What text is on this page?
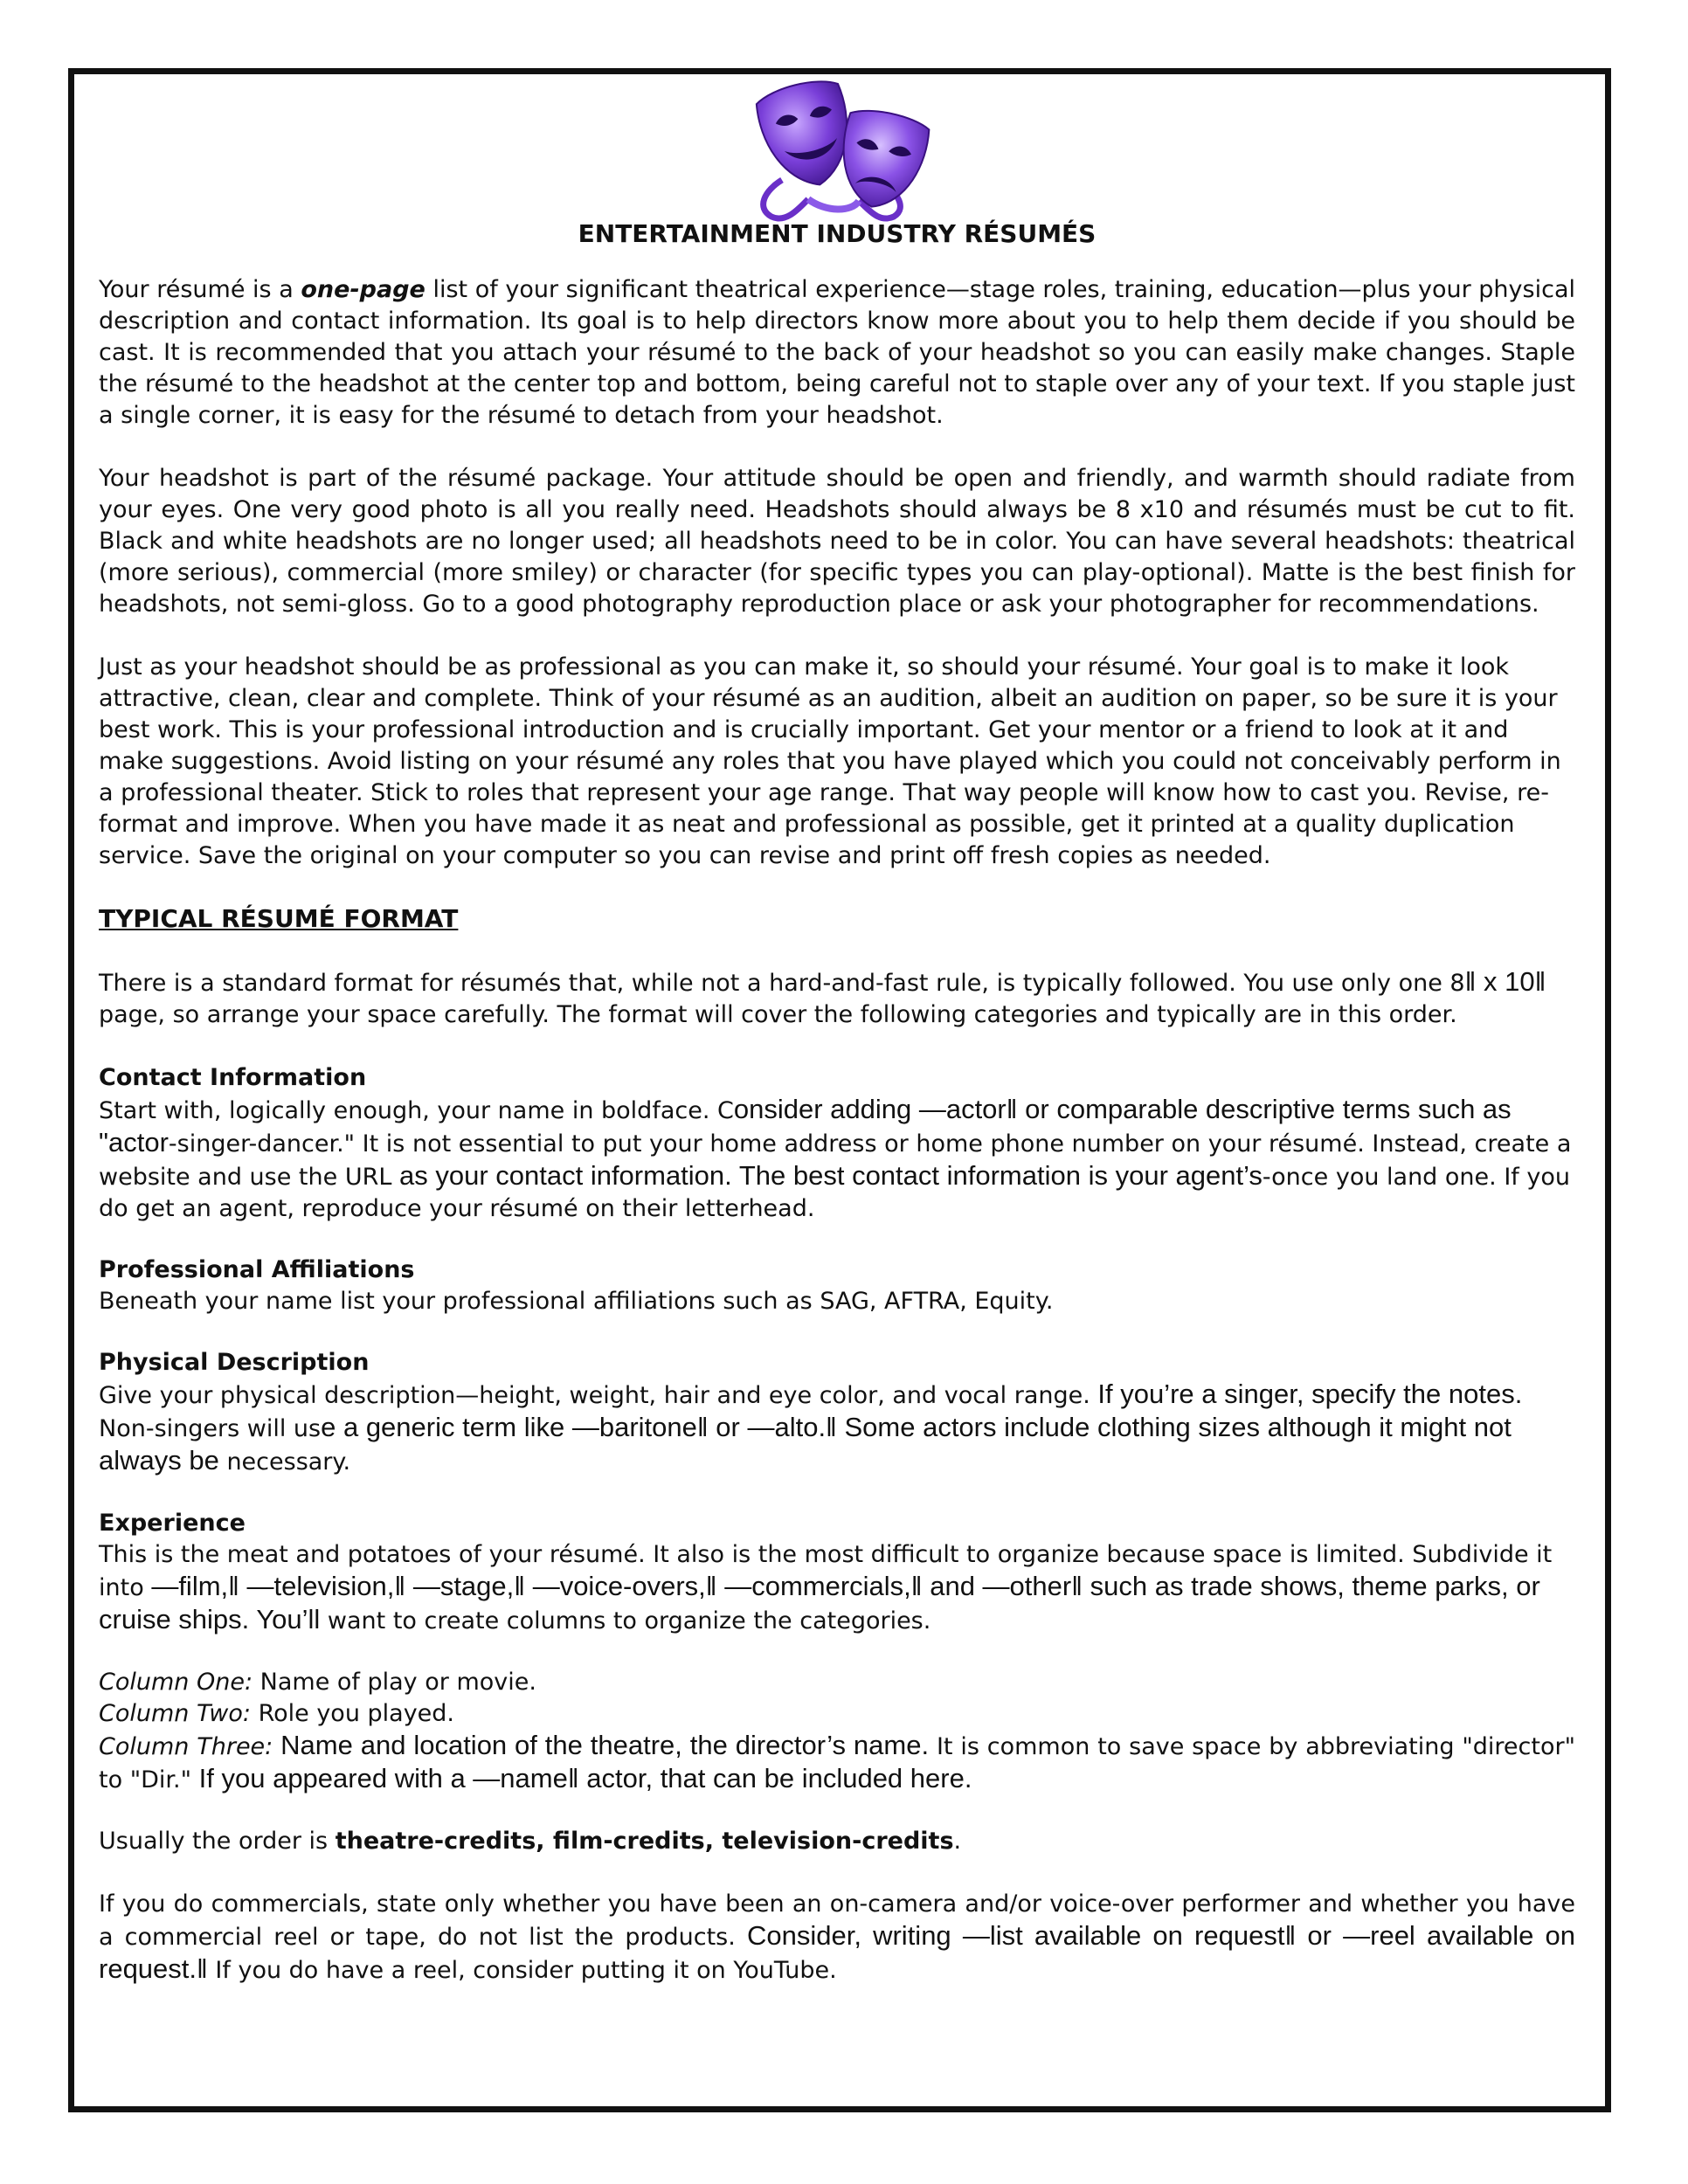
ENTERTAINMENT INDUSTRY RÉSUMÉS

Your résumé is a one-page list of your significant theatrical experience—stage roles, training, education—plus your physical description and contact information. Its goal is to help directors know more about you to help them decide if you should be cast. It is recommended that you attach your résumé to the back of your headshot so you can easily make changes. Staple the résumé to the headshot at the center top and bottom, being careful not to staple over any of your text. If you staple just a single corner, it is easy for the résumé to detach from your headshot.

Your headshot is part of the résumé package. Your attitude should be open and friendly, and warmth should radiate from your eyes. One very good photo is all you really need. Headshots should always be 8 x10 and résumés must be cut to fit. Black and white headshots are no longer used; all headshots need to be in color. You can have several headshots: theatrical (more serious), commercial (more smiley) or character (for specific types you can play-optional). Matte is the best finish for headshots, not semi-gloss. Go to a good photography reproduction place or ask your photographer for recommendations.

Just as your headshot should be as professional as you can make it, so should your résumé. Your goal is to make it look attractive, clean, clear and complete. Think of your résumé as an audition, albeit an audition on paper, so be sure it is your best work. This is your professional introduction and is crucially important. Get your mentor or a friend to look at it and make suggestions. Avoid listing on your résumé any roles that you have played which you could not conceivably perform in a professional theater. Stick to roles that represent your age range. That way people will know how to cast you. Revise, re-format and improve. When you have made it as neat and professional as possible, get it printed at a quality duplication service. Save the original on your computer so you can revise and print off fresh copies as needed.

TYPICAL RÉSUMÉ FORMAT

There is a standard format for résumés that, while not a hard-and-fast rule, is typically followed. You use only one 8‖ x 10‖ page, so arrange your space carefully. The format will cover the following categories and typically are in this order.

Contact Information
Start with, logically enough, your name in boldface. Consider adding ―actor‖ or comparable descriptive terms such as "actor-singer-dancer." It is not essential to put your home address or home phone number on your résumé. Instead, create a website and use the URL as your contact information. The best contact information is your agent’s-once you land one. If you do get an agent, reproduce your résumé on their letterhead.
Professional Affiliations
Beneath your name list your professional affiliations such as SAG, AFTRA, Equity.
Physical Description
Give your physical description—height, weight, hair and eye color, and vocal range. If you’re a singer, specify the notes. Non-singers will use a generic term like ―baritone‖ or ―alto.‖ Some actors include clothing sizes although it might not always be necessary.
Experience
This is the meat and potatoes of your résumé. It also is the most difficult to organize because space is limited. Subdivide it into ―film,‖ ―television,‖ ―stage,‖ ―voice-overs,‖ ―commercials,‖ and ―other‖ such as trade shows, theme parks, or cruise ships. You’ll want to create columns to organize the categories.
Column One: Name of play or movie.
Column Two: Role you played.
Column Three: Name and location of the theatre, the director’s name. It is common to save space by abbreviating "director" to "Dir." If you appeared with a ―name‖ actor, that can be included here.

Usually the order is theatre-credits, film-credits, television-credits.

If you do commercials, state only whether you have been an on-camera and/or voice-over performer and whether you have a commercial reel or tape, do not list the products. Consider, writing ―list available on request‖ or ―reel available on request.‖ If you do have a reel, consider putting it on YouTube.
